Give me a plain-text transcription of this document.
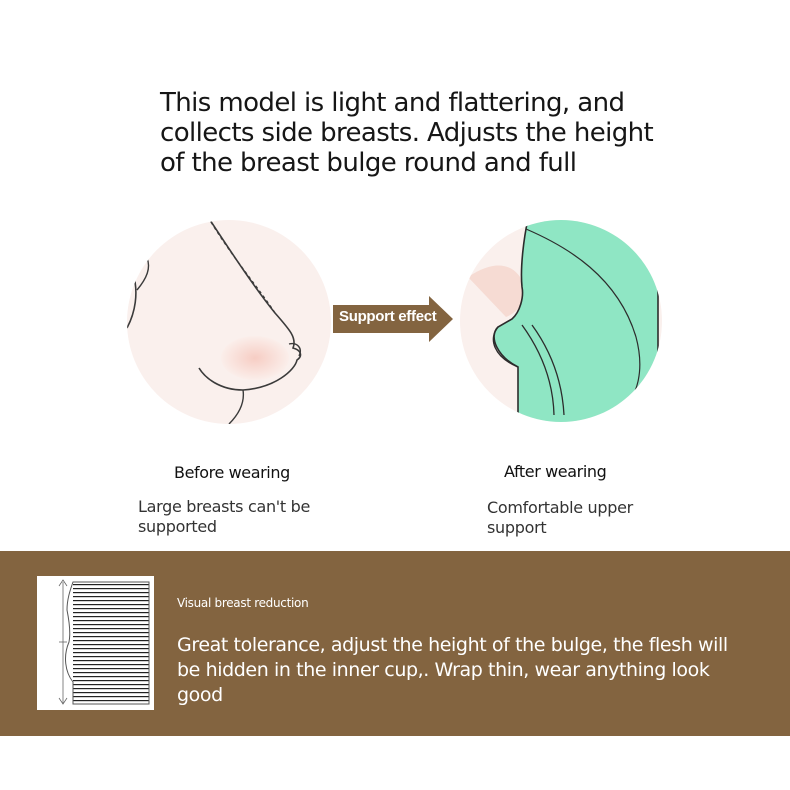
This model is light and flattering, and
collects side breasts. Adjusts the height
of the breast bulge round and full
Support effect
Before wearing
Large breasts can't be
supported
After wearing
Comfortable upper
support
Visual breast reduction
Great tolerance, adjust the height of the bulge, the flesh will
be hidden in the inner cup,. Wrap thin, wear anything look
good
